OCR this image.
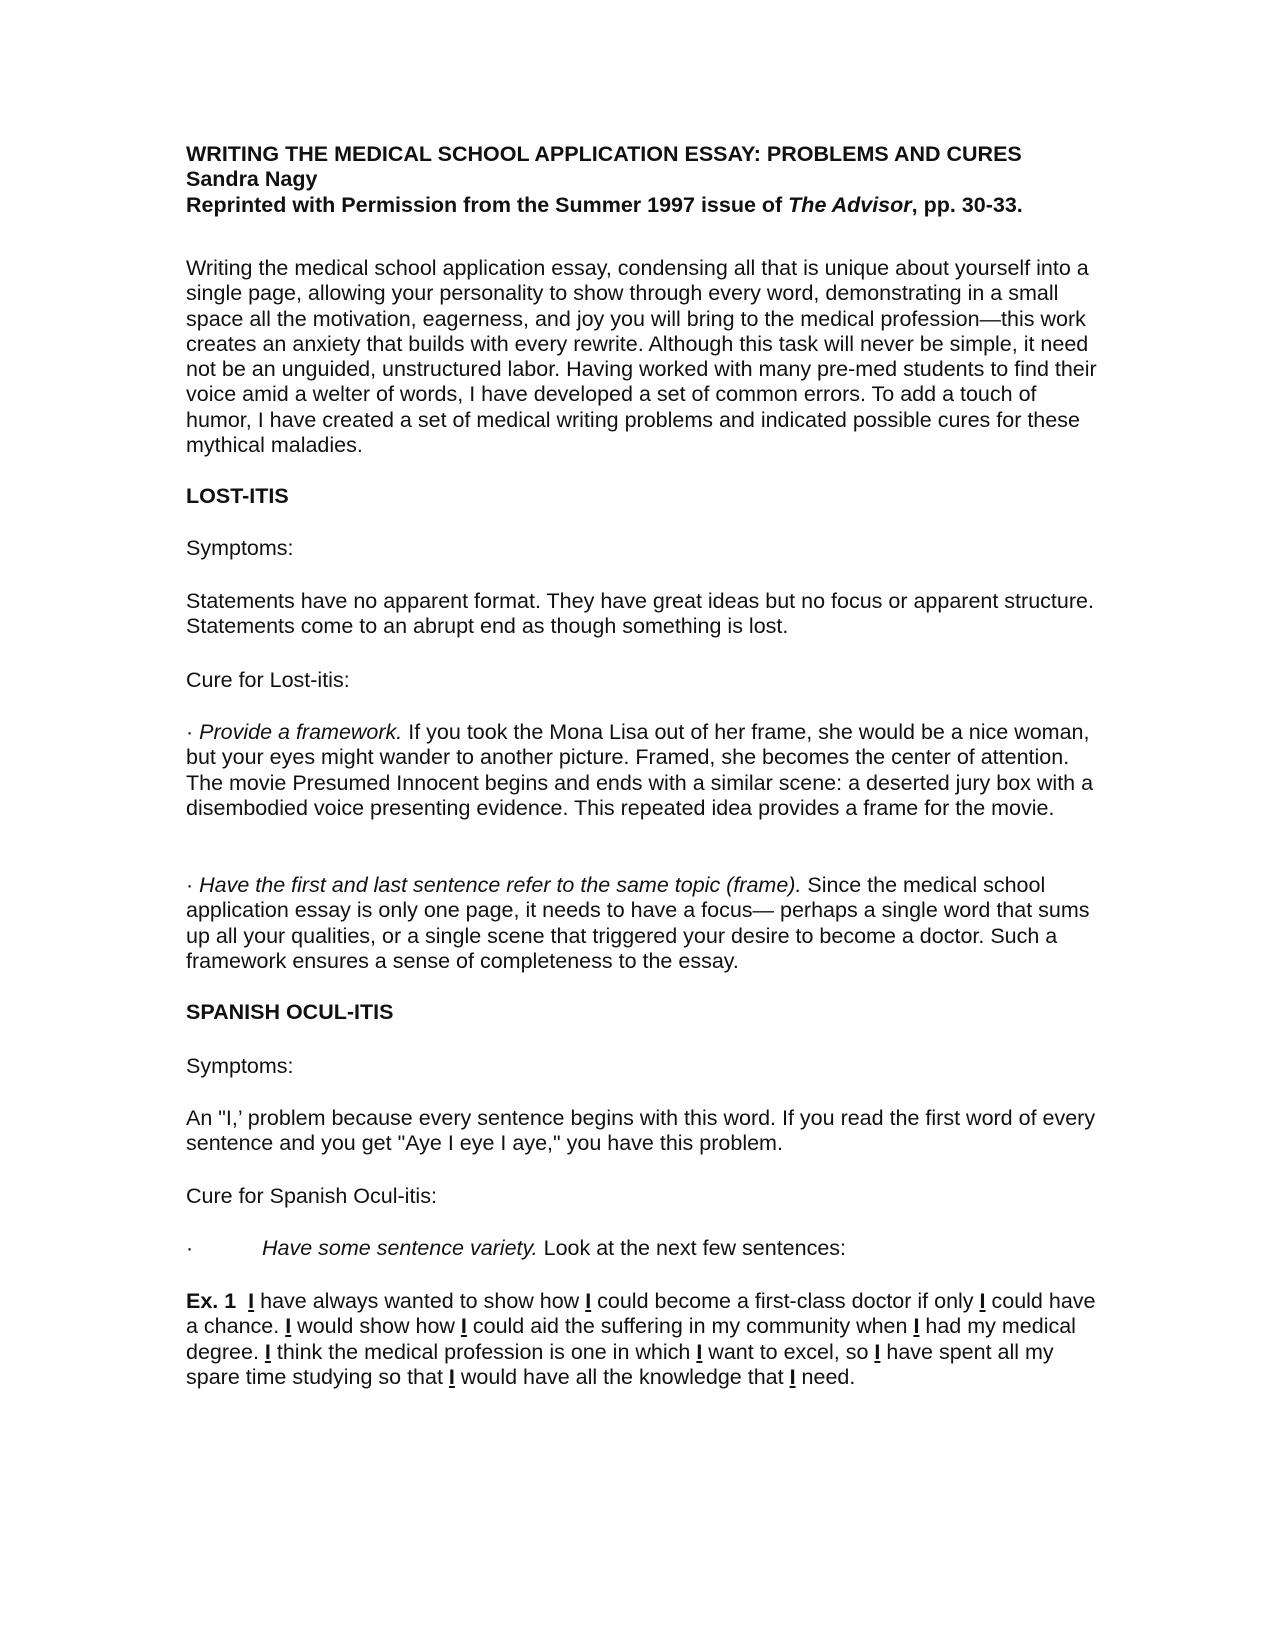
WRITING THE MEDICAL SCHOOL APPLICATION ESSAY: PROBLEMS AND CURES
Sandra Nagy
Reprinted with Permission from the Summer 1997 issue of The Advisor, pp. 30-33.

Writing the medical school application essay, condensing all that is unique about yourself into a single page, allowing your personality to show through every word, demonstrating in a small space all the motivation, eagerness, and joy you will bring to the medical profession—this work creates an anxiety that builds with every rewrite. Although this task will never be simple, it need not be an unguided, unstructured labor. Having worked with many pre-med students to find their voice amid a welter of words, I have developed a set of common errors. To add a touch of humor, I have created a set of medical writing problems and indicated possible cures for these mythical maladies.

LOST-ITIS
Symptoms:

Statements have no apparent format. They have great ideas but no focus or apparent structure. Statements come to an abrupt end as though something is lost.

Cure for Lost-itis:

· Provide a framework. If you took the Mona Lisa out of her frame, she would be a nice woman, but your eyes might wander to another picture. Framed, she becomes the center of attention. The movie Presumed Innocent begins and ends with a similar scene: a deserted jury box with a disembodied voice presenting evidence. This repeated idea provides a frame for the movie.

· Have the first and last sentence refer to the same topic (frame). Since the medical school application essay is only one page, it needs to have a focus— perhaps a single word that sums up all your qualities, or a single scene that triggered your desire to become a doctor. Such a framework ensures a sense of completeness to the essay.

SPANISH OCUL-ITIS
Symptoms:

An "I,’ problem because every sentence begins with this word. If you read the first word of every sentence and you get "Aye I eye I aye," you have this problem.

Cure for Spanish Ocul-itis:

·	Have some sentence variety. Look at the next few sentences:

Ex. 1 I have always wanted to show how I could become a first-class doctor if only I could have a chance. I would show how I could aid the suffering in my community when I had my medical degree. I think the medical profession is one in which I want to excel, so I have spent all my spare time studying so that I would have all the knowledge that I need.
